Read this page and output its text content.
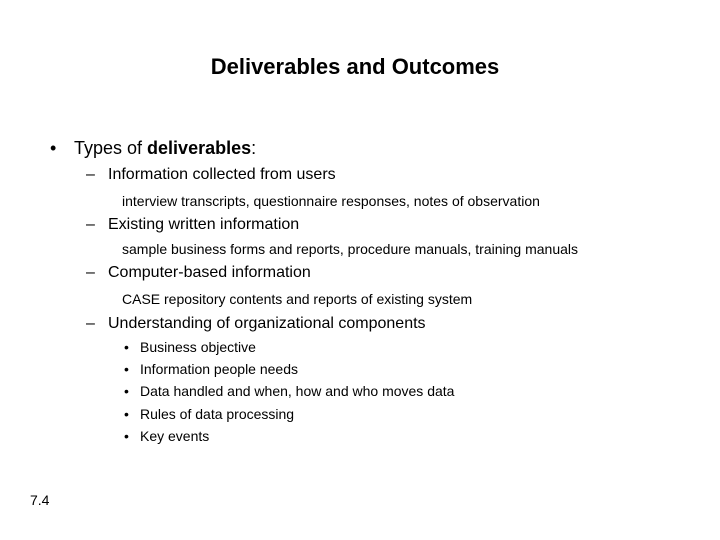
Deliverables and Outcomes
• Types of deliverables:
– Information collected from users
interview transcripts, questionnaire responses, notes of observation
– Existing written information
sample business forms and reports, procedure manuals, training manuals
– Computer-based information
CASE repository contents and reports of existing system
– Understanding of organizational components
• Business objective
• Information people needs
• Data handled and when, how and who moves data
• Rules of data processing
• Key events
7.4
